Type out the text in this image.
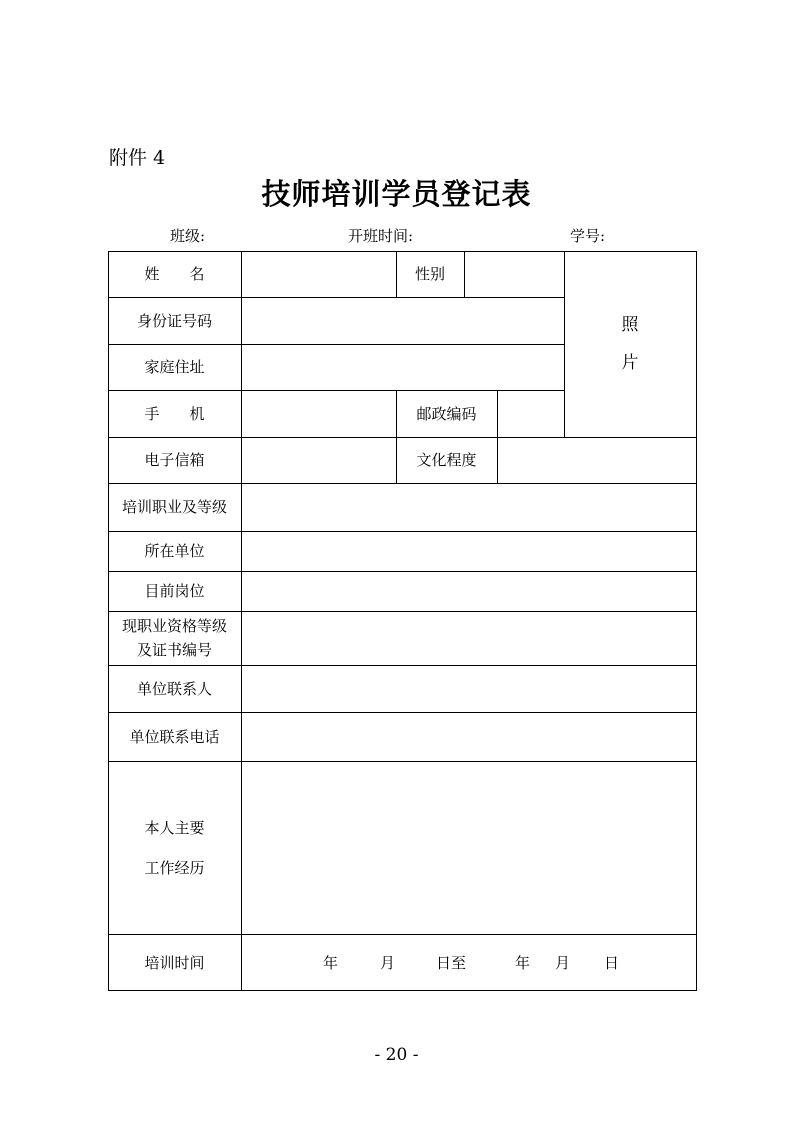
附件 4
技师培训学员登记表
班级:	开班时间:	学号:
姓名	性别
照
片
身份证号码
家庭住址
手机	邮政编码
电子信箱	文化程度
培训职业及等级
所在单位
目前岗位
现职业资格等级
及证书编号
单位联系人
单位联系电话
本人主要
工作经历
培训时间	年	月	日至	年 月 日
- 20 -
